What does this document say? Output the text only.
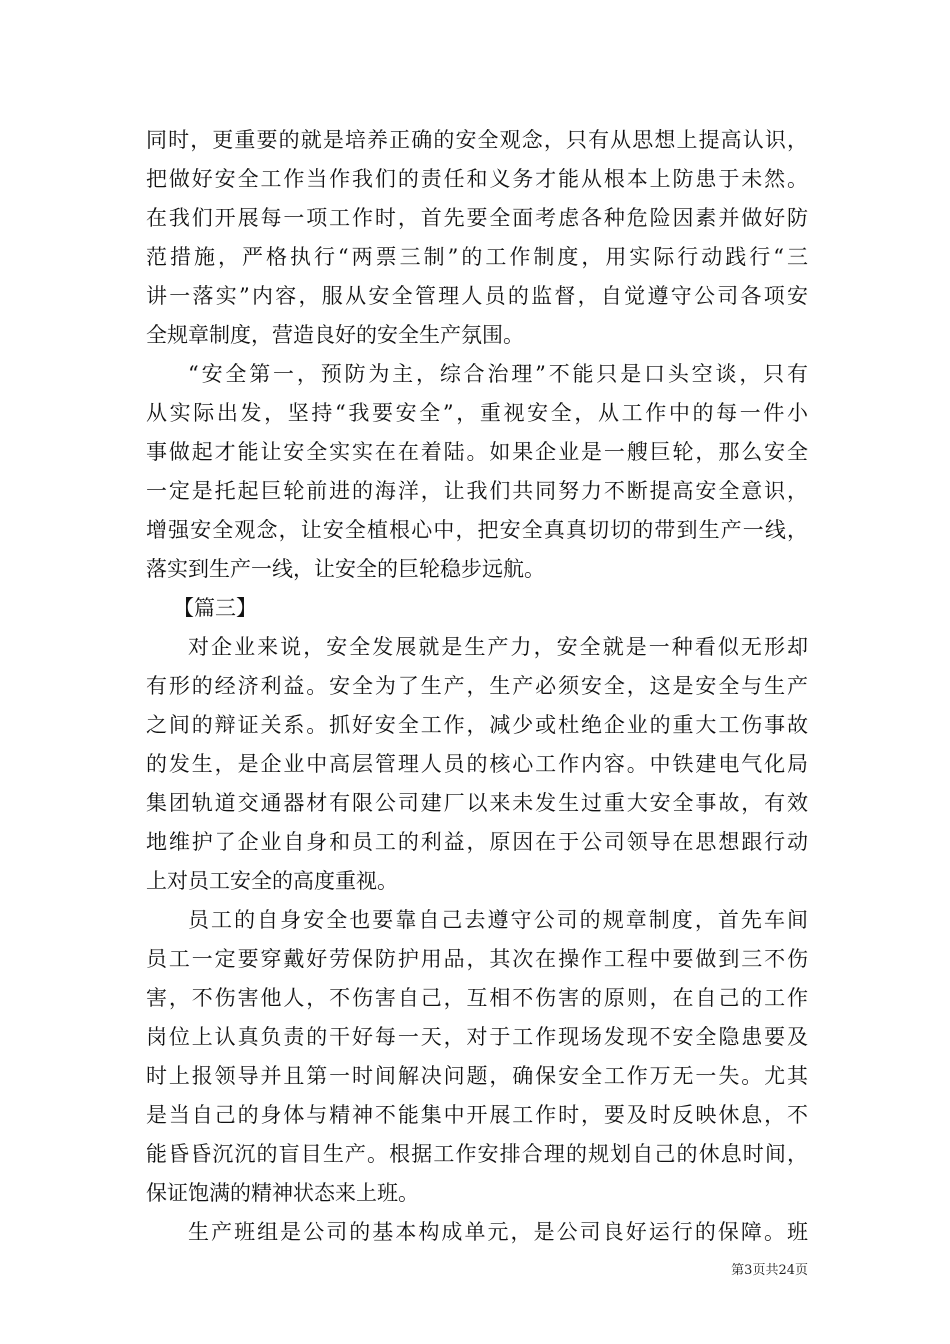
同时，更重要的就是培养正确的安全观念，只有从思想上提高认识，
把做好安全工作当作我们的责任和义务才能从根本上防患于未然。
在我们开展每一项工作时，首先要全面考虑各种危险因素并做好防
范措施，严格执行“两票三制”的工作制度，用实际行动践行“三
讲一落实”内容，服从安全管理人员的监督，自觉遵守公司各项安
全规章制度，营造良好的安全生产氛围。
“安全第一，预防为主，综合治理”不能只是口头空谈，只有
从实际出发，坚持“我要安全”，重视安全，从工作中的每一件小
事做起才能让安全实实在在着陆。如果企业是一艘巨轮，那么安全
一定是托起巨轮前进的海洋，让我们共同努力不断提高安全意识，
增强安全观念，让安全植根心中，把安全真真切切的带到生产一线，
落实到生产一线，让安全的巨轮稳步远航。
【篇三】
对企业来说，安全发展就是生产力，安全就是一种看似无形却
有形的经济利益。安全为了生产，生产必须安全，这是安全与生产
之间的辩证关系。抓好安全工作，减少或杜绝企业的重大工伤事故
的发生，是企业中高层管理人员的核心工作内容。中铁建电气化局
集团轨道交通器材有限公司建厂以来未发生过重大安全事故，有效
地维护了企业自身和员工的利益，原因在于公司领导在思想跟行动
上对员工安全的高度重视。
员工的自身安全也要靠自己去遵守公司的规章制度，首先车间
员工一定要穿戴好劳保防护用品，其次在操作工程中要做到三不伤
害，不伤害他人，不伤害自己，互相不伤害的原则，在自己的工作
岗位上认真负责的干好每一天，对于工作现场发现不安全隐患要及
时上报领导并且第一时间解决问题，确保安全工作万无一失。尤其
是当自己的身体与精神不能集中开展工作时，要及时反映休息，不
能昏昏沉沉的盲目生产。根据工作安排合理的规划自己的休息时间，
保证饱满的精神状态来上班。
生产班组是公司的基本构成单元，是公司良好运行的保障。班
第3页共24页
